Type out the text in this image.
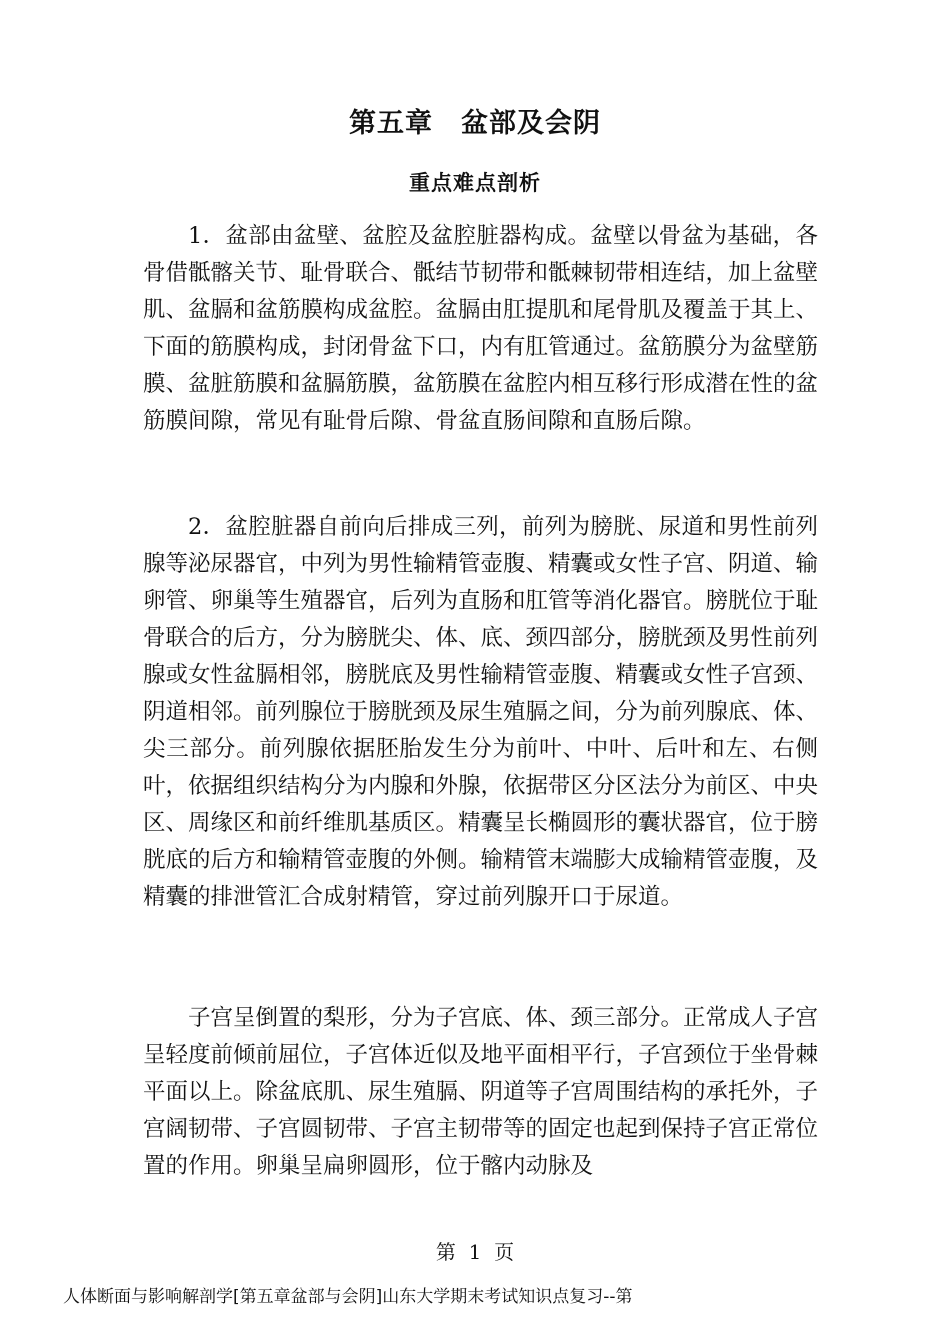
第五章　盆部及会阴
重点难点剖析

1．盆部由盆壁、盆腔及盆腔脏器构成。盆壁以骨盆为基础，各骨借骶髂关节、耻骨联合、骶结节韧带和骶棘韧带相连结，加上盆壁肌、盆膈和盆筋膜构成盆腔。盆膈由肛提肌和尾骨肌及覆盖于其上、下面的筋膜构成，封闭骨盆下口，内有肛管通过。盆筋膜分为盆壁筋膜、盆脏筋膜和盆膈筋膜，盆筋膜在盆腔内相互移行形成潜在性的盆筋膜间隙，常见有耻骨后隙、骨盆直肠间隙和直肠后隙。

2．盆腔脏器自前向后排成三列，前列为膀胱、尿道和男性前列腺等泌尿器官，中列为男性输精管壶腹、精囊或女性子宫、阴道、输卵管、卵巢等生殖器官，后列为直肠和肛管等消化器官。膀胱位于耻骨联合的后方，分为膀胱尖、体、底、颈四部分，膀胱颈及男性前列腺或女性盆膈相邻，膀胱底及男性输精管壶腹、精囊或女性子宫颈、阴道相邻。前列腺位于膀胱颈及尿生殖膈之间，分为前列腺底、体、尖三部分。前列腺依据胚胎发生分为前叶、中叶、后叶和左、右侧叶，依据组织结构分为内腺和外腺，依据带区分区法分为前区、中央区、周缘区和前纤维肌基质区。精囊呈长椭圆形的囊状器官，位于膀胱底的后方和输精管壶腹的外侧。输精管末端膨大成输精管壶腹，及精囊的排泄管汇合成射精管，穿过前列腺开口于尿道。

子宫呈倒置的梨形，分为子宫底、体、颈三部分。正常成人子宫呈轻度前倾前屈位，子宫体近似及地平面相平行，子宫颈位于坐骨棘平面以上。除盆底肌、尿生殖膈、阴道等子宫周围结构的承托外，子宫阔韧带、子宫圆韧带、子宫主韧带等的固定也起到保持子宫正常位置的作用。卵巢呈扁卵圆形，位于髂内动脉及

第  1  页
人体断面与影响解剖学[第五章盆部与会阴]山东大学期末考试知识点复习--第
